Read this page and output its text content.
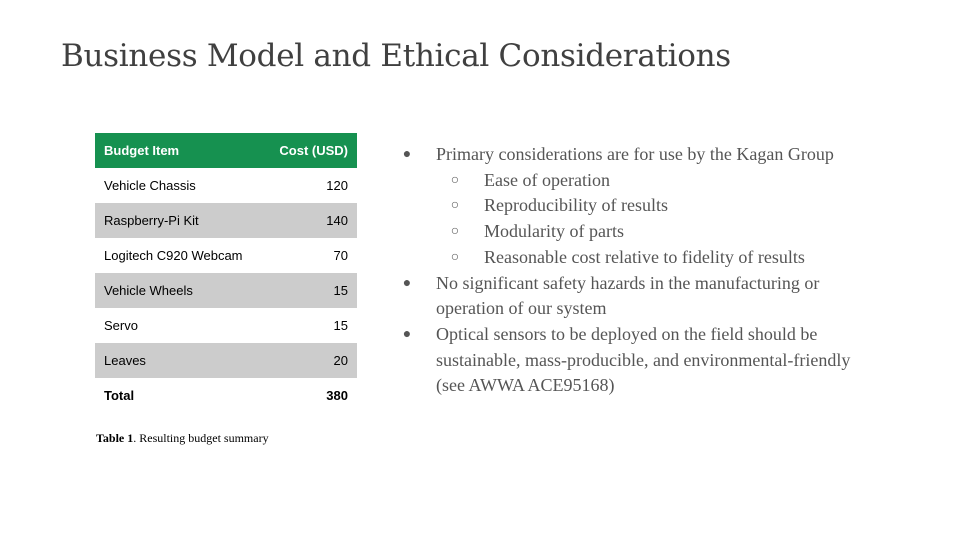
Business Model and Ethical Considerations
Budget Item	Cost (USD)
Vehicle Chassis	120
Raspberry-Pi Kit	140
Logitech C920 Webcam	70
Vehicle Wheels	15
Servo	15
Leaves	20
Total	380

Table 1. Resulting budget summary

● Primary considerations are for use by the Kagan Group
○ Ease of operation
○ Reproducibility of results
○ Modularity of parts
○ Reasonable cost relative to fidelity of results
● No significant safety hazards in the manufacturing or operation of our system
● Optical sensors to be deployed on the field should be sustainable, mass-producible, and environmental-friendly (see AWWA ACE95168)
